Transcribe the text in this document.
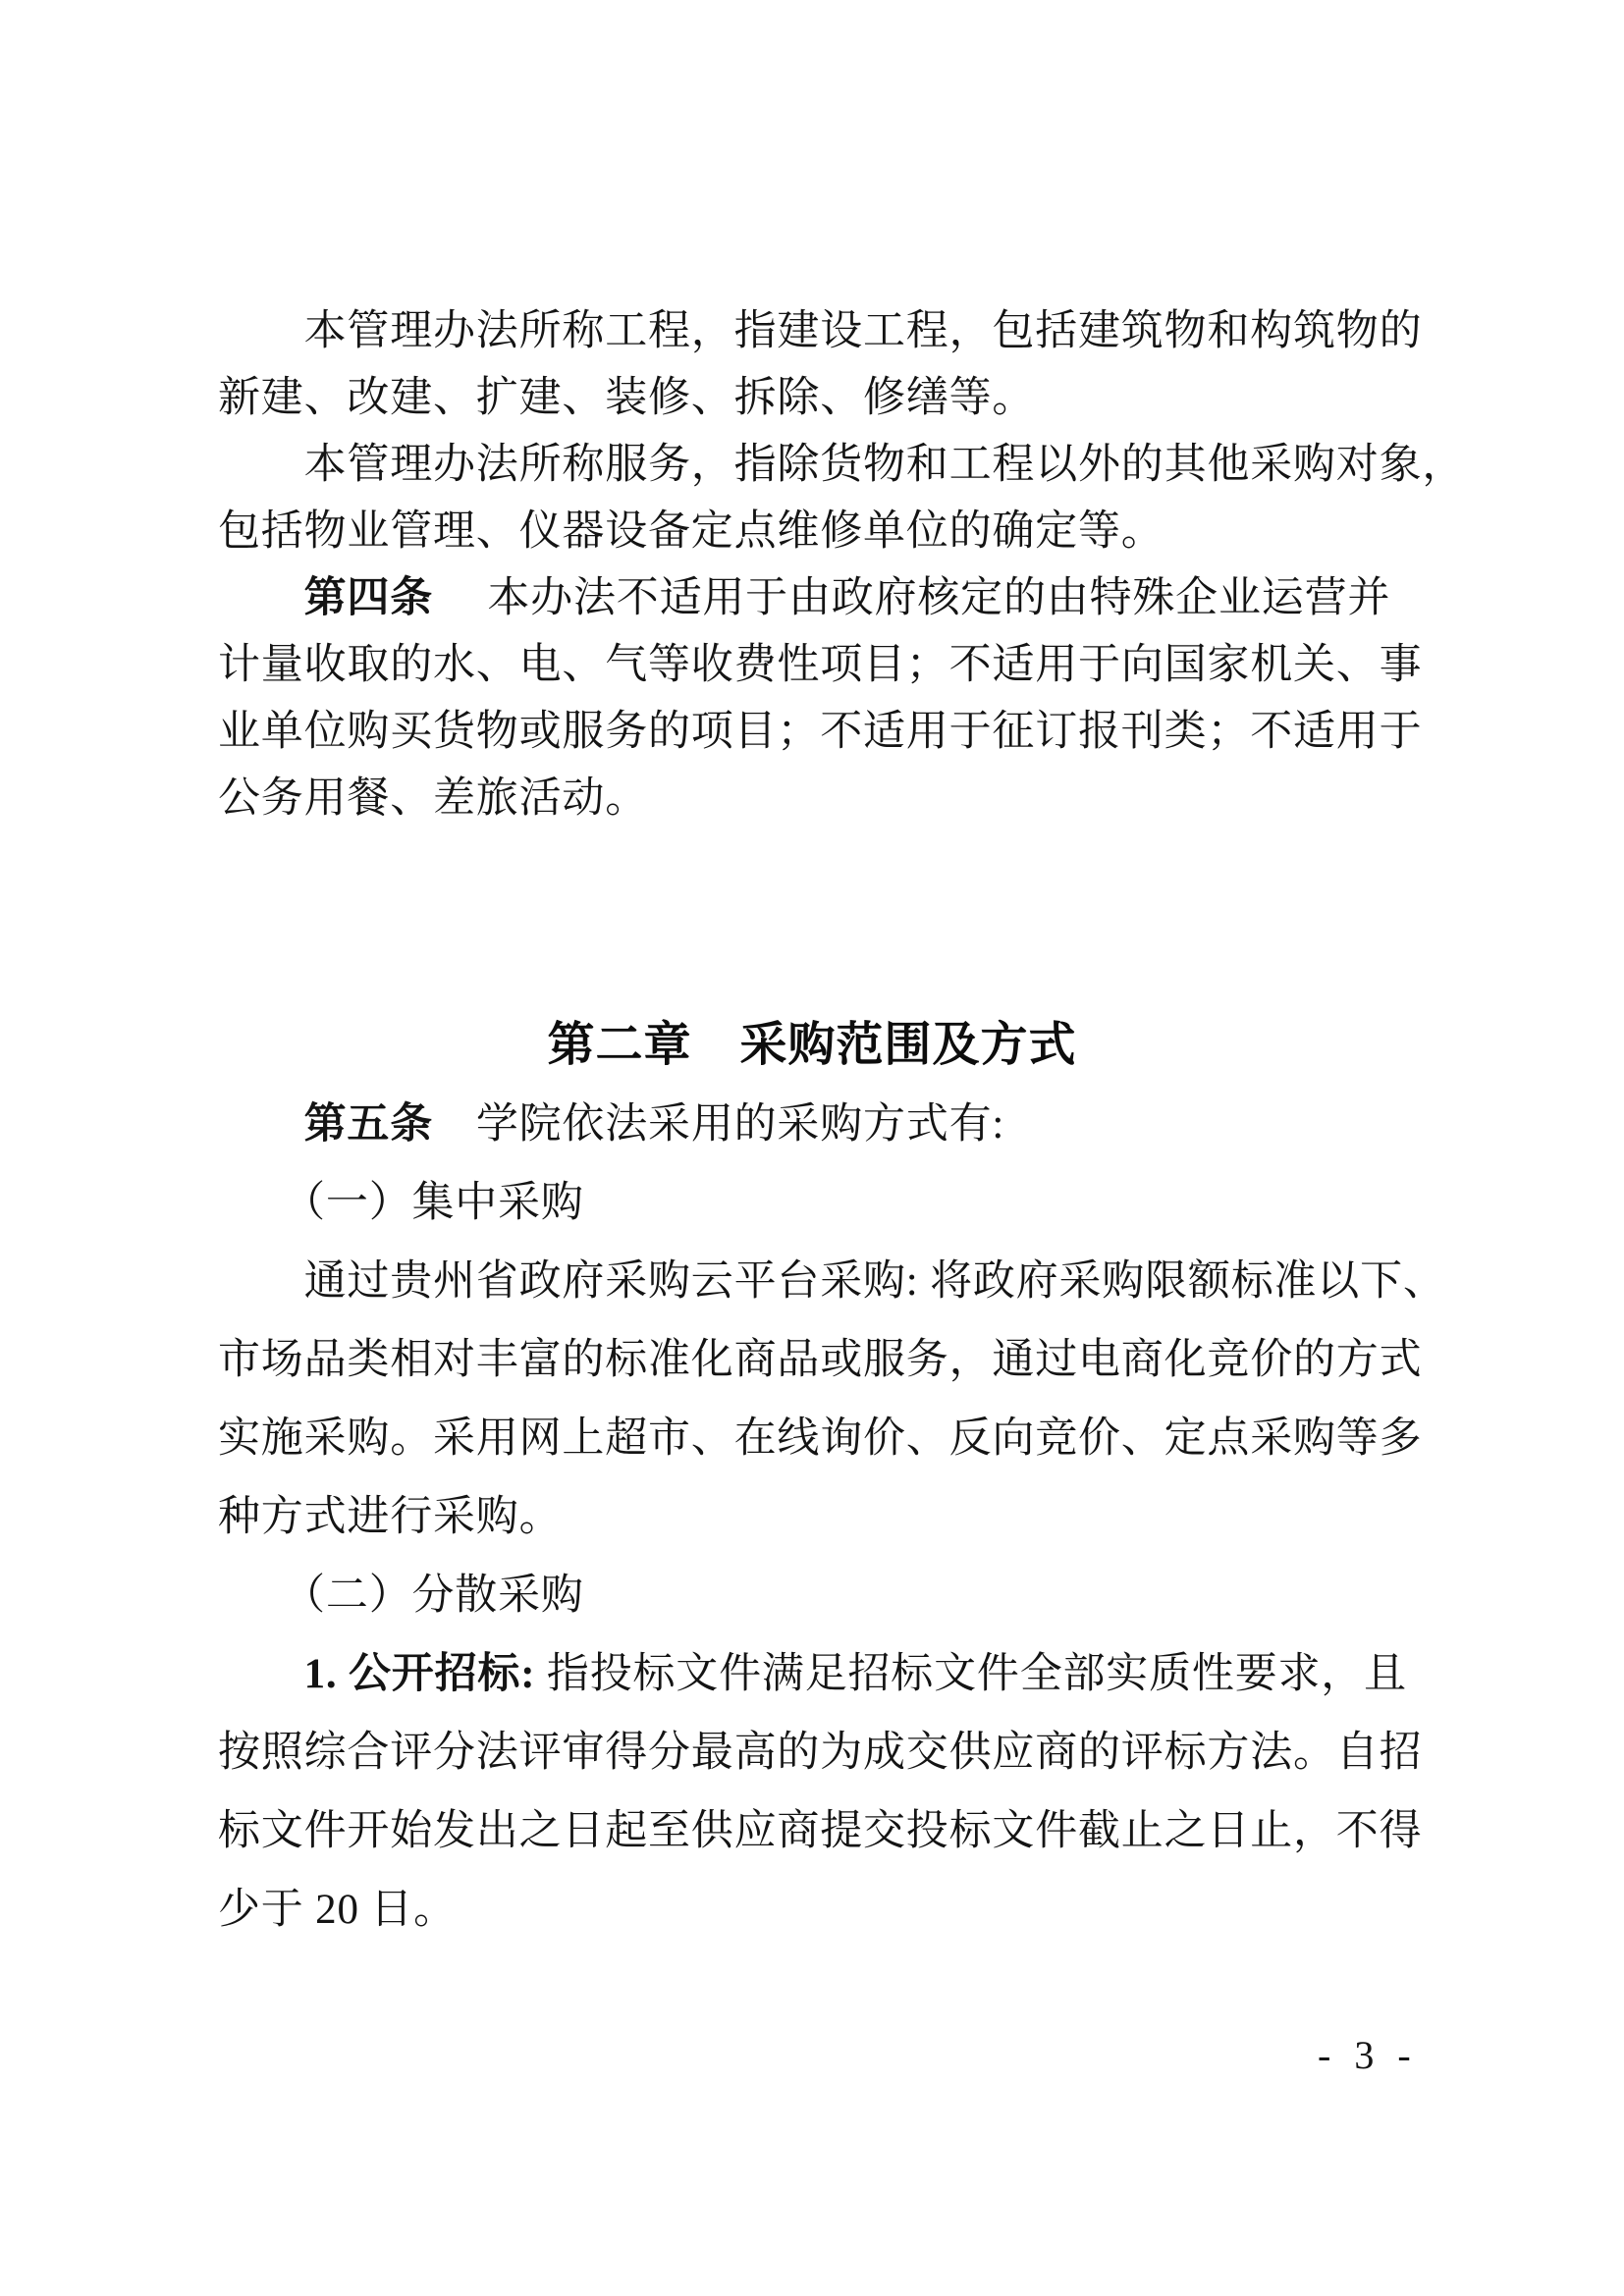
　　本管理办法所称工程，指建设工程，包括建筑物和构筑物的
新建、改建、扩建、装修、拆除、修缮等。
　　本管理办法所称服务，指除货物和工程以外的其他采购对象，
包括物业管理、仪器设备定点维修单位的确定等。
　　第四条　 本办法不适用于由政府核定的由特殊企业运营并
计量收取的水、电、气等收费性项目；不适用于向国家机关、事
业单位购买货物或服务的项目；不适用于征订报刊类；不适用于
公务用餐、差旅活动。
第二章　采购范围及方式
　　第五条　学院依法采用的采购方式有:
　　（一）集中采购
　　通过贵州省政府采购云平台采购: 将政府采购限额标准以下、
市场品类相对丰富的标准化商品或服务，通过电商化竞价的方式
实施采购。采用网上超市、在线询价、反向竞价、定点采购等多
种方式进行采购。
　　（二）分散采购
　　1. 公开招标: 指投标文件满足招标文件全部实质性要求，且
按照综合评分法评审得分最高的为成交供应商的评标方法。自招
标文件开始发出之日起至供应商提交投标文件截止之日止，不得
少于 20 日。
- 3 -
